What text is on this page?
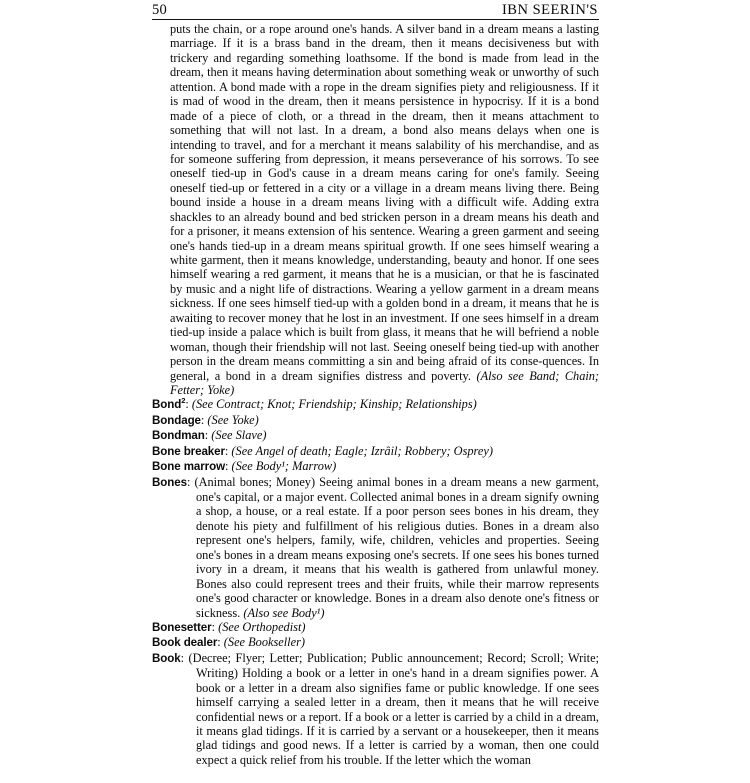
50	IBN SEERIN'S

puts the chain, or a rope around one's hands. A silver band in a dream means a lasting marriage. If it is a brass band in the dream, then it means decisiveness but with trickery and regarding something loathsome. If the bond is made from lead in the dream, then it means having determination about something weak or unworthy of such attention. A bond made with a rope in the dream signifies piety and religiousness. If it is mad of wood in the dream, then it means persistence in hypocrisy. If it is a bond made of a piece of cloth, or a thread in the dream, then it means attachment to something that will not last. In a dream, a bond also means delays when one is intending to travel, and for a merchant it means salability of his merchandise, and as for someone suffering from depression, it means perseverance of his sorrows. To see oneself tied-up in God's cause in a dream means caring for one's family. Seeing oneself tied-up or fettered in a city or a village in a dream means living there. Being bound inside a house in a dream means living with a difficult wife. Adding extra shackles to an already bound and bed stricken person in a dream means his death and for a prisoner, it means extension of his sentence. Wearing a green garment and seeing one's hands tied-up in a dream means spiritual growth. If one sees himself wearing a white garment, then it means knowledge, understanding, beauty and honor. If one sees himself wearing a red garment, it means that he is a musician, or that he is fascinated by music and a night life of distractions. Wearing a yellow garment in a dream means sickness. If one sees himself tied-up with a golden bond in a dream, it means that he is awaiting to recover money that he lost in an investment. If one sees himself in a dream tied-up inside a palace which is built from glass, it means that he will befriend a noble woman, though their friendship will not last. Seeing oneself being tied-up with another person in the dream means committing a sin and being afraid of its conse-quences. In general, a bond in a dream signifies distress and poverty. (Also see Band; Chain; Fetter; Yoke)

Bond$^2$: (See Contract; Knot; Friendship; Kinship; Relationships)

Bondage: (See Yoke)

Bondman: (See Slave)

Bone breaker: (See Angel of death; Eagle; Izrâil; Robbery; Osprey)

Bone marrow: (See Body¹; Marrow)

Bones: (Animal bones; Money) Seeing animal bones in a dream means a new garment, one's capital, or a major event. Collected animal bones in a dream signify owning a shop, a house, or a real estate. If a poor person sees bones in his dream, they denote his piety and fulfillment of his religious duties. Bones in a dream also represent one's helpers, family, wife, children, vehicles and properties. Seeing one's bones in a dream means exposing one's secrets. If one sees his bones turned ivory in a dream, it means that his wealth is gathered from unlawful money. Bones also could represent trees and their fruits, while their marrow represents one's good character or knowledge. Bones in a dream also denote one's fitness or sickness. (Also see Body¹)

Bonesetter: (See Orthopedist)

Book dealer: (See Bookseller)

Book: (Decree; Flyer; Letter; Publication; Public announcement; Record; Scroll; Write; Writing) Holding a book or a letter in one's hand in a dream signifies power. A book or a letter in a dream also signifies fame or public knowledge. If one sees himself carrying a sealed letter in a dream, then it means that he will receive confidential news or a report. If a book or a letter is carried by a child in a dream, it means glad tidings. If it is carried by a servant or a housekeeper, then it means glad tidings and good news. If a letter is carried by a woman, then one could expect a quick relief from his trouble. If the letter which the woman
